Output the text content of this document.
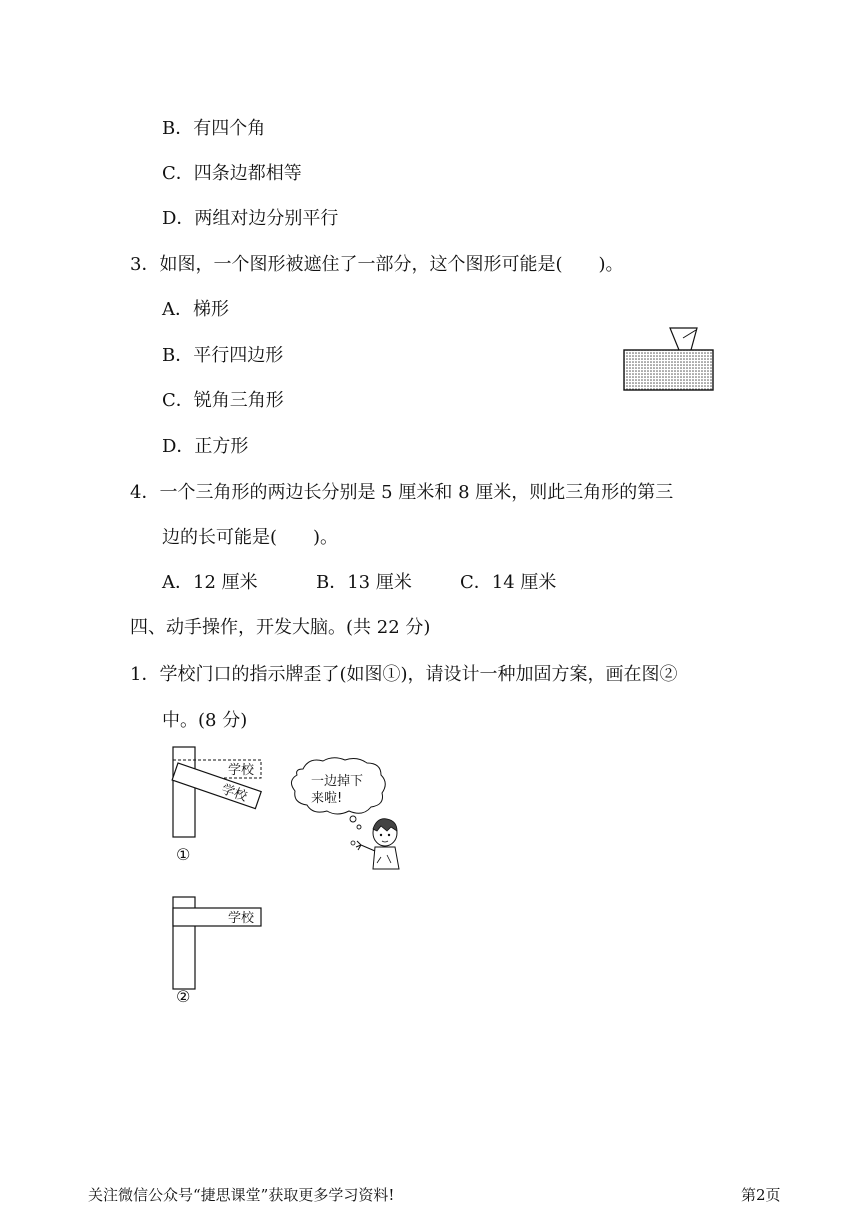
B．有四个角
C．四条边都相等
D．两组对边分别平行
3．如图，一个图形被遮住了一部分，这个图形可能是(　　)。
A．梯形
B．平行四边形
C．锐角三角形
D．正方形
4．一个三角形的两边长分别是 5 厘米和 8 厘米，则此三角形的第三
边的长可能是(　　)。
A．12 厘米	B．13 厘米	C．14 厘米
四、动手操作，开发大脑。(共 22 分)
1．学校门口的指示牌歪了(如图①)，请设计一种加固方案，画在图②
中。(8 分)
学校
学校
①
一边掉下
来啦!
学校
②
关注微信公众号“捷思课堂”获取更多学习资料!	第2页
